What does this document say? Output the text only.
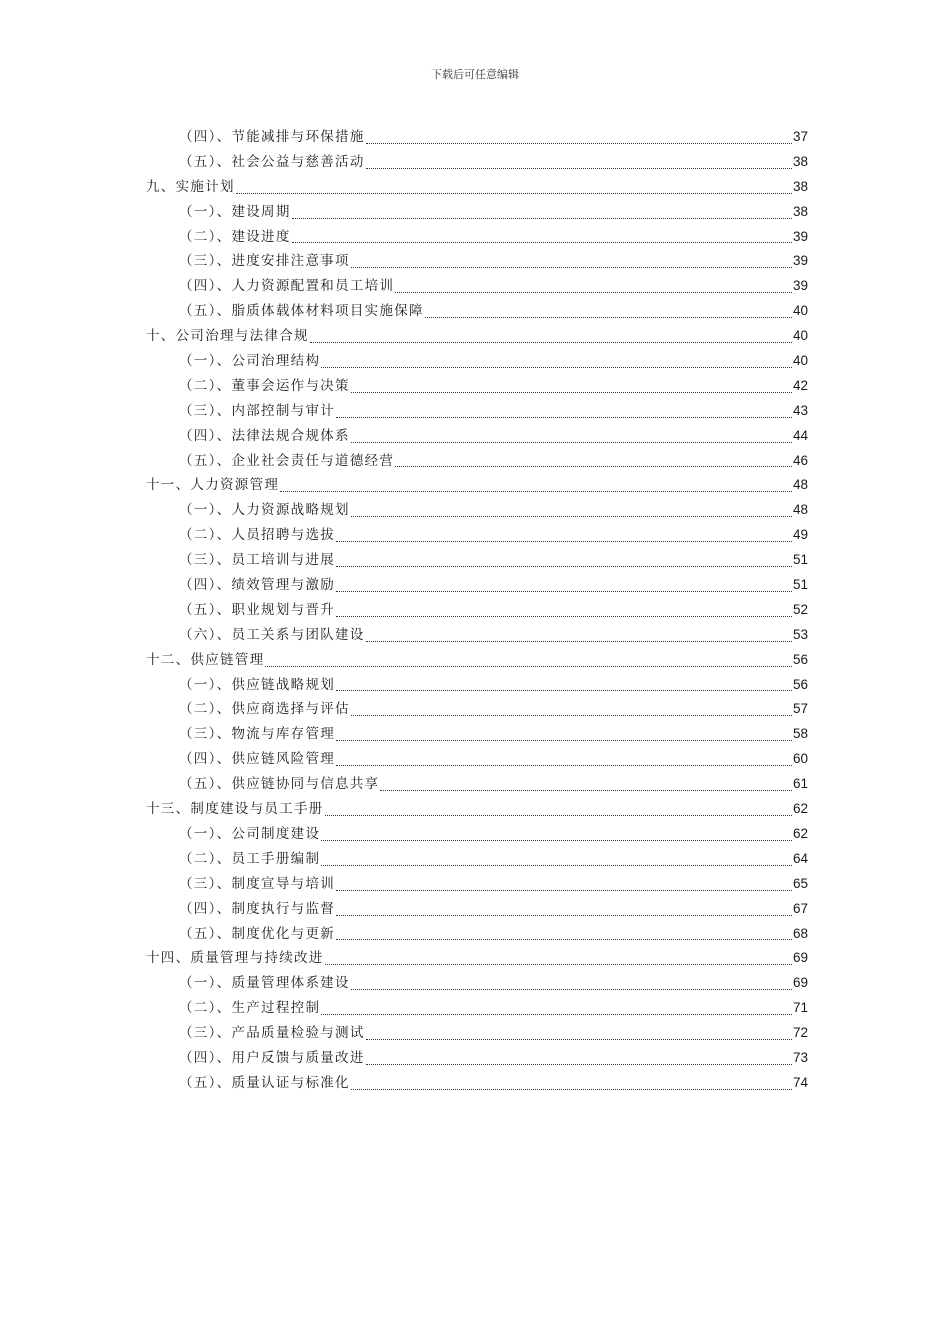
下载后可任意编辑
（四）、节能减排与环保措施	37
（五）、社会公益与慈善活动	38
九、实施计划	38
（一）、建设周期	38
（二）、建设进度	39
（三）、进度安排注意事项	39
（四）、人力资源配置和员工培训	39
（五）、脂质体载体材料项目实施保障	40
十、公司治理与法律合规	40
（一）、公司治理结构	40
（二）、董事会运作与决策	42
（三）、内部控制与审计	43
（四）、法律法规合规体系	44
（五）、企业社会责任与道德经营	46
十一、人力资源管理	48
（一）、人力资源战略规划	48
（二）、人员招聘与选拔	49
（三）、员工培训与进展	51
（四）、绩效管理与激励	51
（五）、职业规划与晋升	52
（六）、员工关系与团队建设	53
十二、供应链管理	56
（一）、供应链战略规划	56
（二）、供应商选择与评估	57
（三）、物流与库存管理	58
（四）、供应链风险管理	60
（五）、供应链协同与信息共享	61
十三、制度建设与员工手册	62
（一）、公司制度建设	62
（二）、员工手册编制	64
（三）、制度宣导与培训	65
（四）、制度执行与监督	67
（五）、制度优化与更新	68
十四、质量管理与持续改进	69
（一）、质量管理体系建设	69
（二）、生产过程控制	71
（三）、产品质量检验与测试	72
（四）、用户反馈与质量改进	73
（五）、质量认证与标准化	74
